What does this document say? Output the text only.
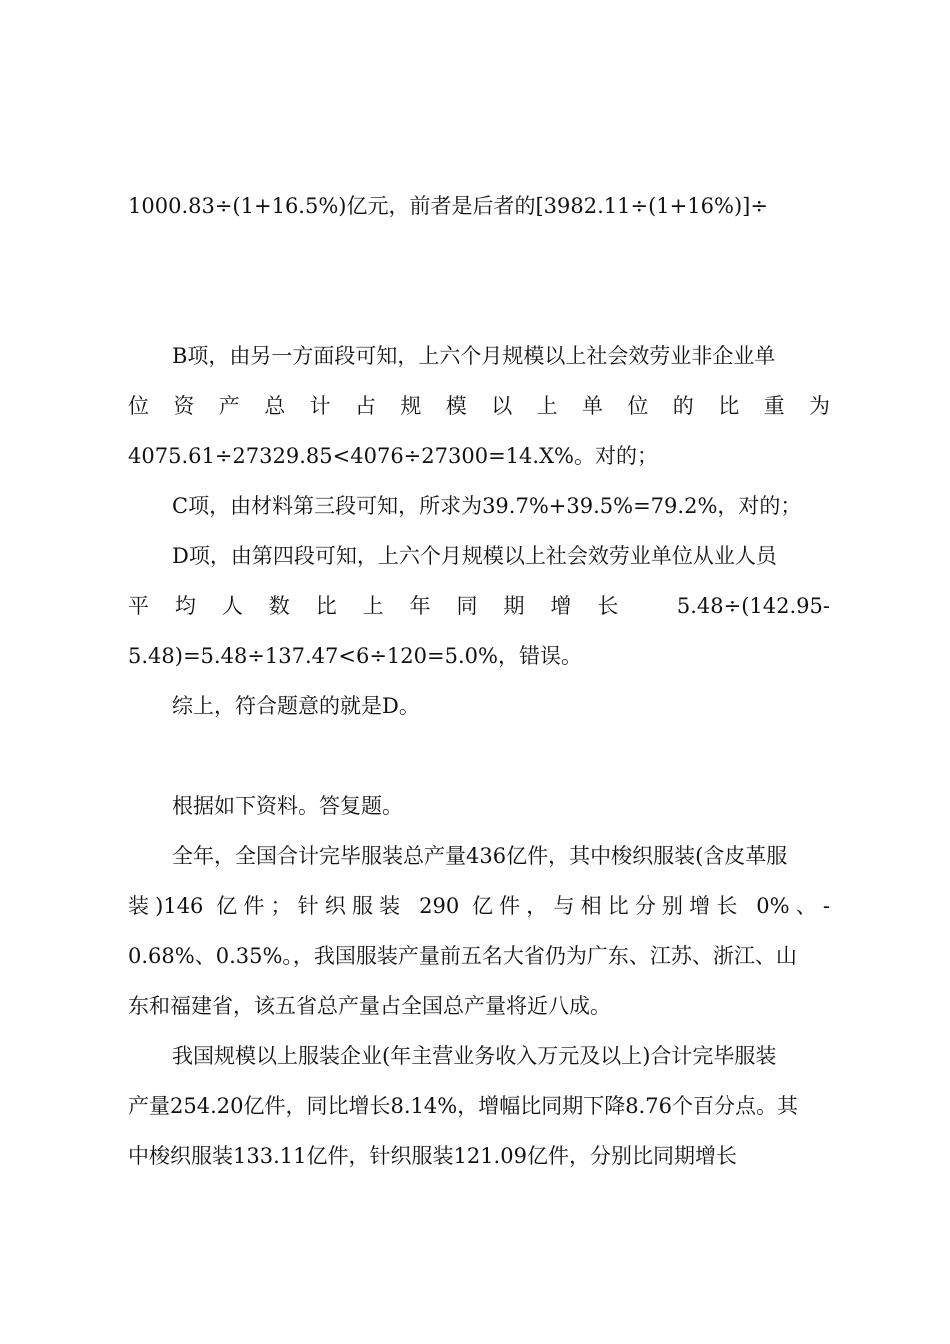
1000.83÷(1+16.5%)亿元，前者是后者的[3982.11÷(1+16%)]÷
B项，由另一方面段可知，上六个月规模以上社会效劳业非企业单
位资产总计占规模以上单位的比重为
4075.61÷27329.85<4076÷27300=14.X%。对的；
C项，由材料第三段可知，所求为39.7%+39.5%=79.2%，对的；
D项，由第四段可知，上六个月规模以上社会效劳业单位从业人员
平均人数比上年同期增长 5.48÷(142.95-
5.48)=5.48÷137.47<6÷120=5.0%，错误。
综上，符合题意的就是D。
根据如下资料。答复题。
全年，全国合计完毕服装总产量436亿件，其中梭织服装(含皮革服
装)146 亿件；针织服装 290 亿件，与相比分别增长 0%、-
0.68%、0.35%。，我国服装产量前五名大省仍为广东、江苏、浙江、山
东和福建省，该五省总产量占全国总产量将近八成。
我国规模以上服装企业(年主营业务收入万元及以上)合计完毕服装
产量254.20亿件，同比增长8.14%，增幅比同期下降8.76个百分点。其
中梭织服装133.11亿件，针织服装121.09亿件，分别比同期增长
